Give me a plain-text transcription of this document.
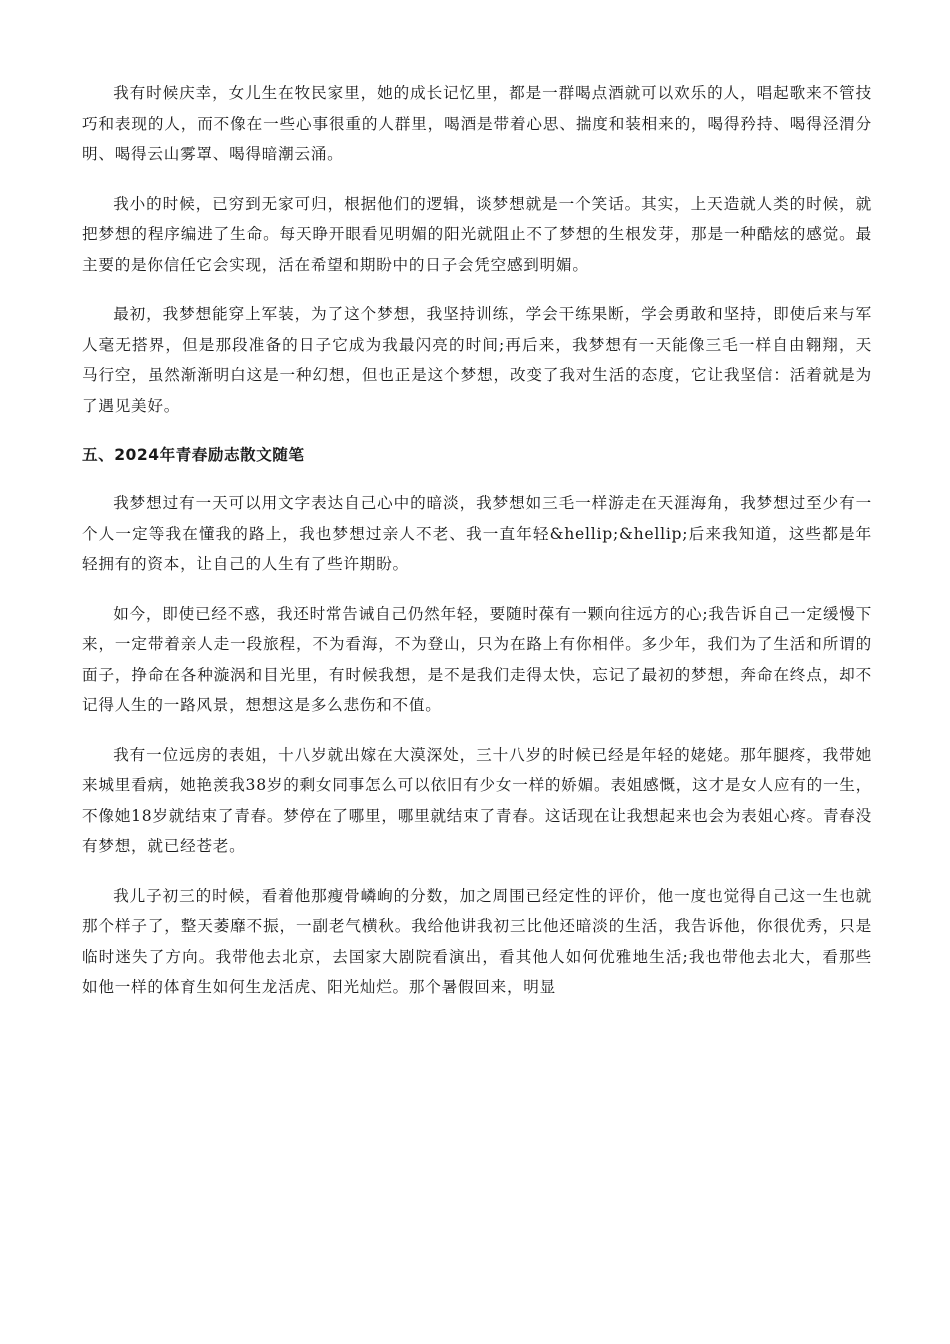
我有时候庆幸，女儿生在牧民家里，她的成长记忆里，都是一群喝点酒就可以欢乐的人，唱起歌来不管技巧和表现的人，而不像在一些心事很重的人群里，喝酒是带着心思、揣度和装相来的，喝得矜持、喝得泾渭分明、喝得云山雾罩、喝得暗潮云涌。

我小的时候，已穷到无家可归，根据他们的逻辑，谈梦想就是一个笑话。其实，上天造就人类的时候，就把梦想的程序编进了生命。每天睁开眼看见明媚的阳光就阻止不了梦想的生根发芽，那是一种酷炫的感觉。最主要的是你信任它会实现，活在希望和期盼中的日子会凭空感到明媚。

最初，我梦想能穿上军装，为了这个梦想，我坚持训练，学会干练果断，学会勇敢和坚持，即使后来与军人毫无搭界，但是那段准备的日子它成为我最闪亮的时间;再后来，我梦想有一天能像三毛一样自由翱翔，天马行空，虽然渐渐明白这是一种幻想，但也正是这个梦想，改变了我对生活的态度，它让我坚信：活着就是为了遇见美好。

五、2024年青春励志散文随笔

我梦想过有一天可以用文字表达自己心中的暗淡，我梦想如三毛一样游走在天涯海角，我梦想过至少有一个人一定等我在懂我的路上，我也梦想过亲人不老、我一直年轻&hellip;&hellip;后来我知道，这些都是年轻拥有的资本，让自己的人生有了些许期盼。

如今，即使已经不惑，我还时常告诫自己仍然年轻，要随时葆有一颗向往远方的心;我告诉自己一定缓慢下来，一定带着亲人走一段旅程，不为看海，不为登山，只为在路上有你相伴。多少年，我们为了生活和所谓的面子，挣命在各种漩涡和目光里，有时候我想，是不是我们走得太快，忘记了最初的梦想，奔命在终点，却不记得人生的一路风景，想想这是多么悲伤和不值。

我有一位远房的表姐，十八岁就出嫁在大漠深处，三十八岁的时候已经是年轻的姥姥。那年腿疼，我带她来城里看病，她艳羡我38岁的剩女同事怎么可以依旧有少女一样的娇媚。表姐感慨，这才是女人应有的一生，不像她18岁就结束了青春。梦停在了哪里，哪里就结束了青春。这话现在让我想起来也会为表姐心疼。青春没有梦想，就已经苍老。

我儿子初三的时候，看着他那瘦骨嶙峋的分数，加之周围已经定性的评价，他一度也觉得自己这一生也就那个样子了，整天萎靡不振，一副老气横秋。我给他讲我初三比他还暗淡的生活，我告诉他，你很优秀，只是临时迷失了方向。我带他去北京，去国家大剧院看演出，看其他人如何优雅地生活;我也带他去北大，看那些如他一样的体育生如何生龙活虎、阳光灿烂。那个暑假回来，明显
